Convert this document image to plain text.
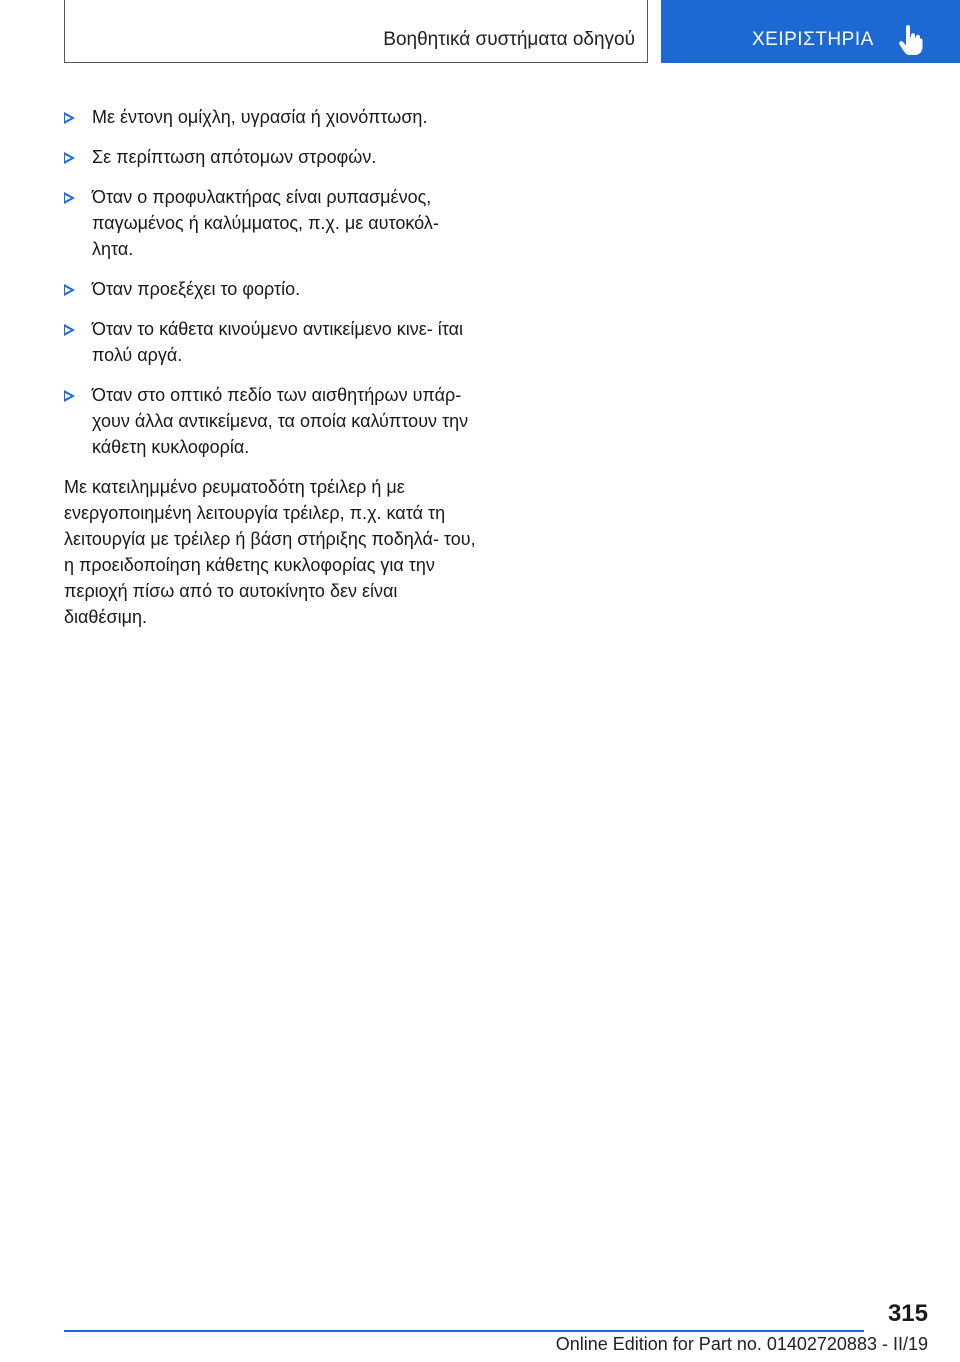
Βοηθητικά συστήματα οδηγού	ΧΕΙΡΙΣΤΗΡΙΑ
Με έντονη ομίχλη, υγρασία ή χιονόπτωση.
Σε περίπτωση απότομων στροφών.
Όταν ο προφυλακτήρας είναι ρυπασμένος, παγωμένος ή καλύμματος, π.χ. με αυτοκόλ- λητα.
Όταν προεξέχει το φορτίο.
Όταν το κάθετα κινούμενο αντικείμενο κινε- ίται πολύ αργά.
Όταν στο οπτικό πεδίο των αισθητήρων υπάρ- χουν άλλα αντικείμενα, τα οποία καλύπτουν την κάθετη κυκλοφορία.

Με κατειλημμένο ρευματοδότη τρέιλερ ή με ενεργοποιημένη λειτουργία τρέιλερ, π.χ. κατά τη λειτουργία με τρέιλερ ή βάση στήριξης ποδηλά- του, η προειδοποίηση κάθετης κυκλοφορίας για την περιοχή πίσω από το αυτοκίνητο δεν είναι διαθέσιμη.

315
Online Edition for Part no. 01402720883 - II/19
